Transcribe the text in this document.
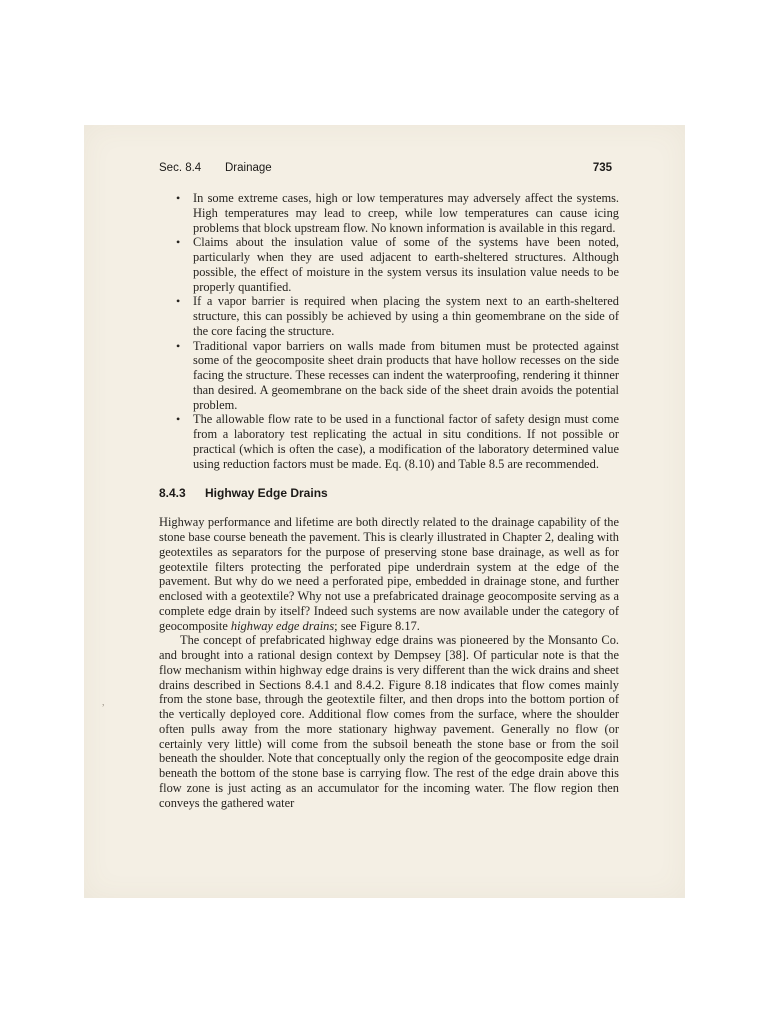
Sec. 8.4 Drainage	735
,
• In some extreme cases, high or low temperatures may adversely affect the systems. High temperatures may lead to creep, while low temperatures can cause icing problems that block upstream flow. No known information is available in this regard.
• Claims about the insulation value of some of the systems have been noted, particularly when they are used adjacent to earth-sheltered structures. Although possible, the effect of moisture in the system versus its insulation value needs to be properly quantified.
• If a vapor barrier is required when placing the system next to an earth-sheltered structure, this can possibly be achieved by using a thin geomembrane on the side of the core facing the structure.
• Traditional vapor barriers on walls made from bitumen must be protected against some of the geocomposite sheet drain products that have hollow recesses on the side facing the structure. These recesses can indent the waterproofing, rendering it thinner than desired. A geomembrane on the back side of the sheet drain avoids the potential problem.
• The allowable flow rate to be used in a functional factor of safety design must come from a laboratory test replicating the actual in situ conditions. If not possible or practical (which is often the case), a modification of the laboratory determined value using reduction factors must be made. Eq. (8.10) and Table 8.5 are recommended.
8.4.3 Highway Edge Drains

Highway performance and lifetime are both directly related to the drainage capability of the stone base course beneath the pavement. This is clearly illustrated in Chapter 2, dealing with geotextiles as separators for the purpose of preserving stone base drainage, as well as for geotextile filters protecting the perforated pipe underdrain system at the edge of the pavement. But why do we need a perforated pipe, embedded in drainage stone, and further enclosed with a geotextile? Why not use a prefabricated drainage geocomposite serving as a complete edge drain by itself? Indeed such systems are now available under the category of geocomposite highway edge drains; see Figure 8.17.

The concept of prefabricated highway edge drains was pioneered by the Monsanto Co. and brought into a rational design context by Dempsey [38]. Of particular note is that the flow mechanism within highway edge drains is very different than the wick drains and sheet drains described in Sections 8.4.1 and 8.4.2. Figure 8.18 indicates that flow comes mainly from the stone base, through the geotextile filter, and then drops into the bottom portion of the vertically deployed core. Additional flow comes from the surface, where the shoulder often pulls away from the more stationary highway pavement. Generally no flow (or certainly very little) will come from the subsoil beneath the stone base or from the soil beneath the shoulder. Note that conceptually only the region of the geocomposite edge drain beneath the bottom of the stone base is carrying flow. The rest of the edge drain above this flow zone is just acting as an accumulator for the incoming water. The flow region then conveys the gathered water
